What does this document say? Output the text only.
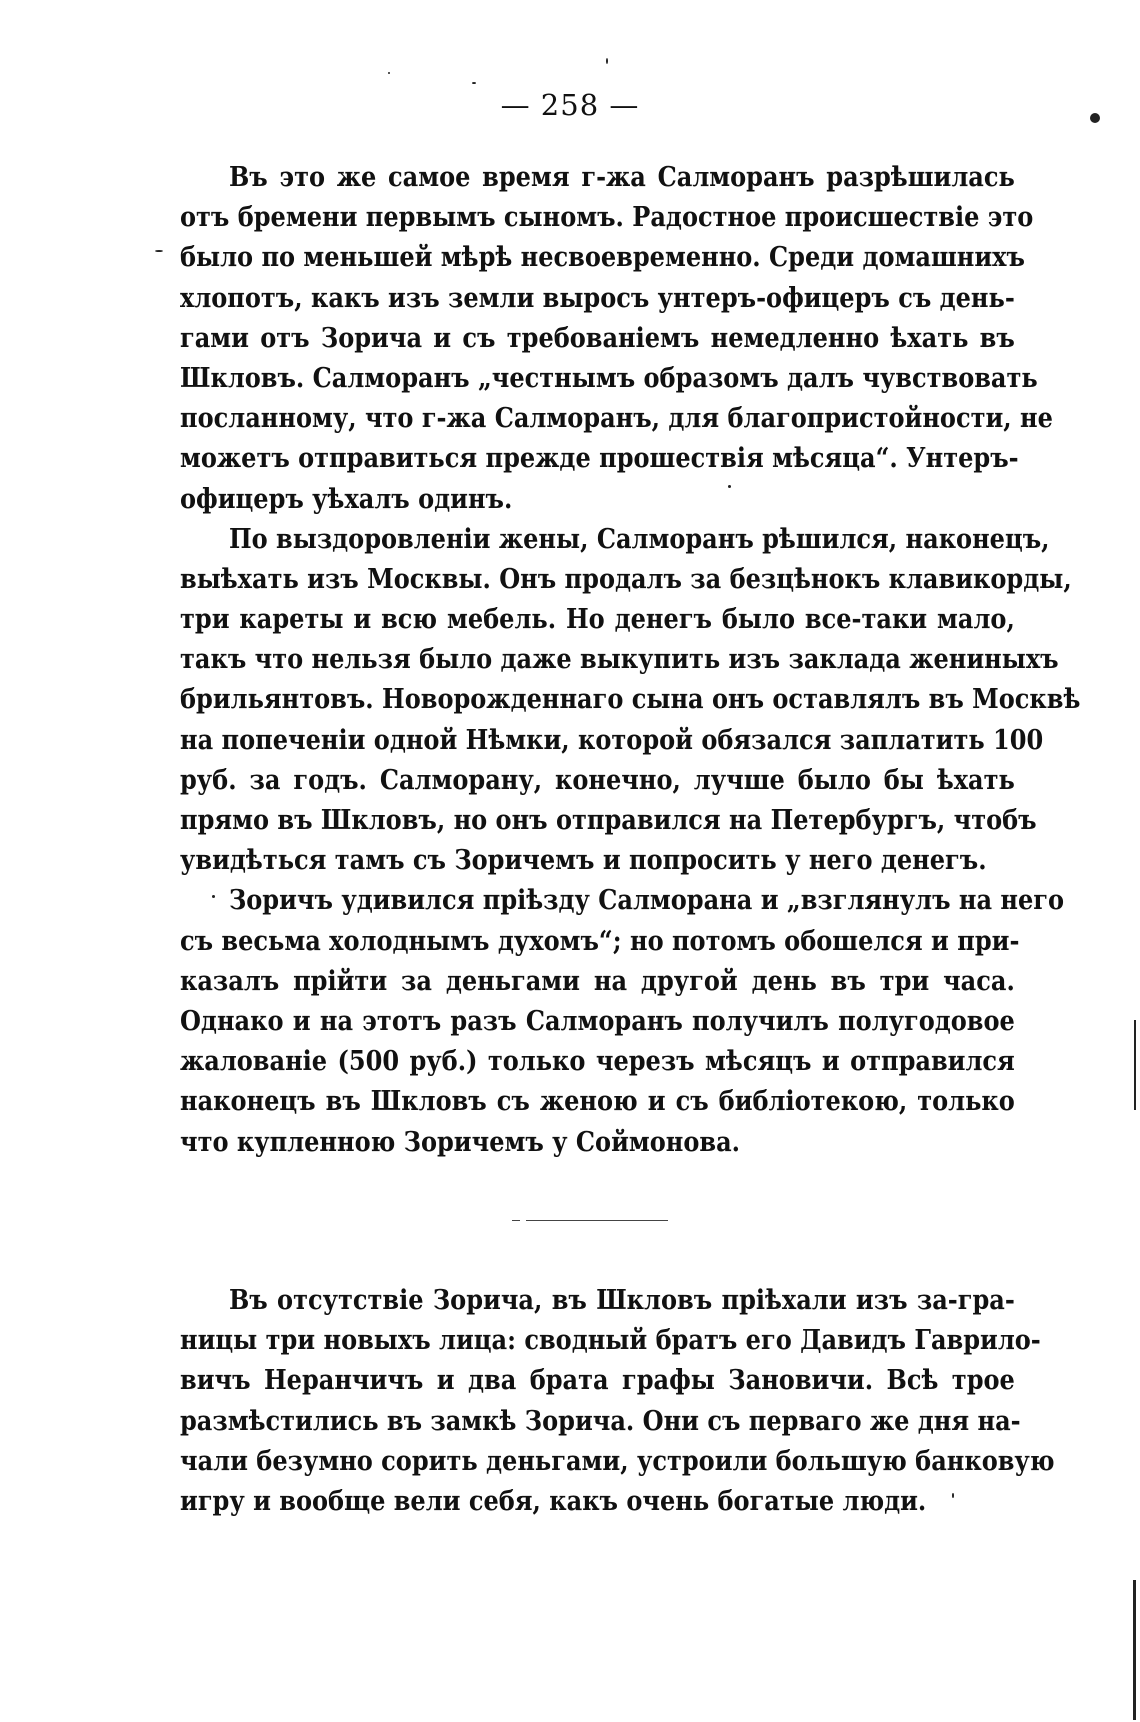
— 258 —
Въ это же самое время г-жа Салморанъ разрѣшилась
отъ бремени первымъ сыномъ. Радостное происшествіе это
было по меньшей мѣрѣ несвоевременно. Среди домашнихъ
хлопотъ, какъ изъ земли выросъ унтеръ-офицеръ съ день-
гами отъ Зорича и съ требованіемъ немедленно ѣхать въ
Шкловъ. Салморанъ „честнымъ образомъ далъ чувствовать
посланному, что г-жа Салморанъ, для благопристойности, не
можетъ отправиться прежде прошествія мѣсяца“. Унтеръ-
офицеръ уѣхалъ одинъ.
По выздоровленіи жены, Салморанъ рѣшился, наконецъ,
выѣхать изъ Москвы. Онъ продалъ за безцѣнокъ клавикорды,
три кареты и всю мебель. Но денегъ было все-таки мало,
такъ что нельзя было даже выкупить изъ заклада жениныхъ
брильянтовъ. Новорожденнаго сына онъ оставлялъ въ Москвѣ
на попеченіи одной Нѣмки, которой обязался заплатить 100
руб. за годъ. Салморану, конечно, лучше было бы ѣхать
прямо въ Шкловъ, но онъ отправился на Петербургъ, чтобъ
увидѣться тамъ съ Зоричемъ и попросить у него денегъ.
Зоричъ удивился пріѣзду Салморана и „взглянулъ на него
съ весьма холоднымъ духомъ“; но потомъ обошелся и при-
казалъ прійти за деньгами на другой день въ три часа.
Однако и на этотъ разъ Салморанъ получилъ полугодовое
жалованіе (500 руб.) только черезъ мѣсяцъ и отправился
наконецъ въ Шкловъ съ женою и съ библіотекою, только
что купленною Зоричемъ у Соймонова.
Въ отсутствіе Зорича, въ Шкловъ пріѣхали изъ за-гра-
ницы три новыхъ лица: сводный братъ его Давидъ Гаврило-
вичъ Неранчичъ и два брата графы Зановичи. Всѣ трое
размѣстились въ замкѣ Зорича. Они съ перваго же дня на-
чали безумно сорить деньгами, устроили большую банковую
игру и вообще вели себя, какъ очень богатые люди.
